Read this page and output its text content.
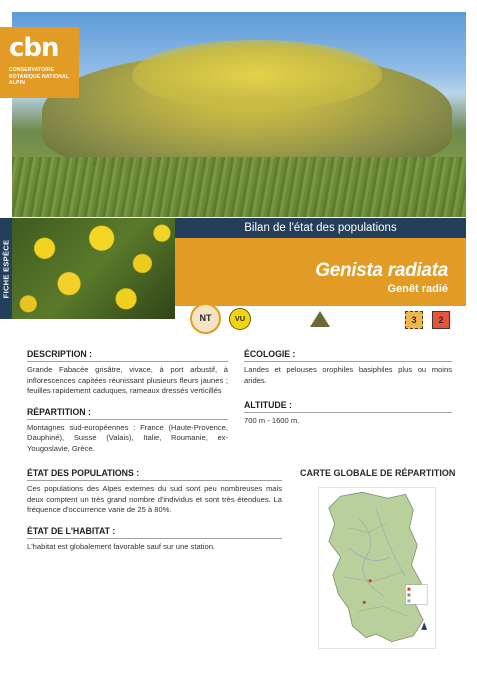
cbn
CONSERVATOIRE
BOTANIQUE NATIONAL
ALPIN
FICHE ESPÈCE
Bilan de l'état des populations
Genista radiata
Genêt radié
NT	VU	3	2
DESCRIPTION :
Grande Fabacée grisâtre, vivace, à port arbustif, à inflorescences capitées réunissant plusieurs fleurs jaunes ; feuilles rapidement caduques, rameaux dressés verticillés
RÉPARTITION :
Montagnes sud-européennes : France (Haute-Provence, Dauphiné), Suisse (Valais), Italie, Roumanie, ex-Yougoslavie, Grèce.
ÉCOLOGIE :
Landes et pelouses orophiles basiphiles plus ou moins arides.
ALTITUDE :
700 m - 1600 m.
ÉTAT DES POPULATIONS :
Ces populations des Alpes externes du sud sont peu nombreuses mais deux comptent un très grand nombre d'individus et sont très étendues. La fréquence d'occurrence varie de 25 à 80%.
ÉTAT DE L'HABITAT :
L'habitat est globalement favorable sauf sur une station.
CARTE GLOBALE DE RÉPARTITION
